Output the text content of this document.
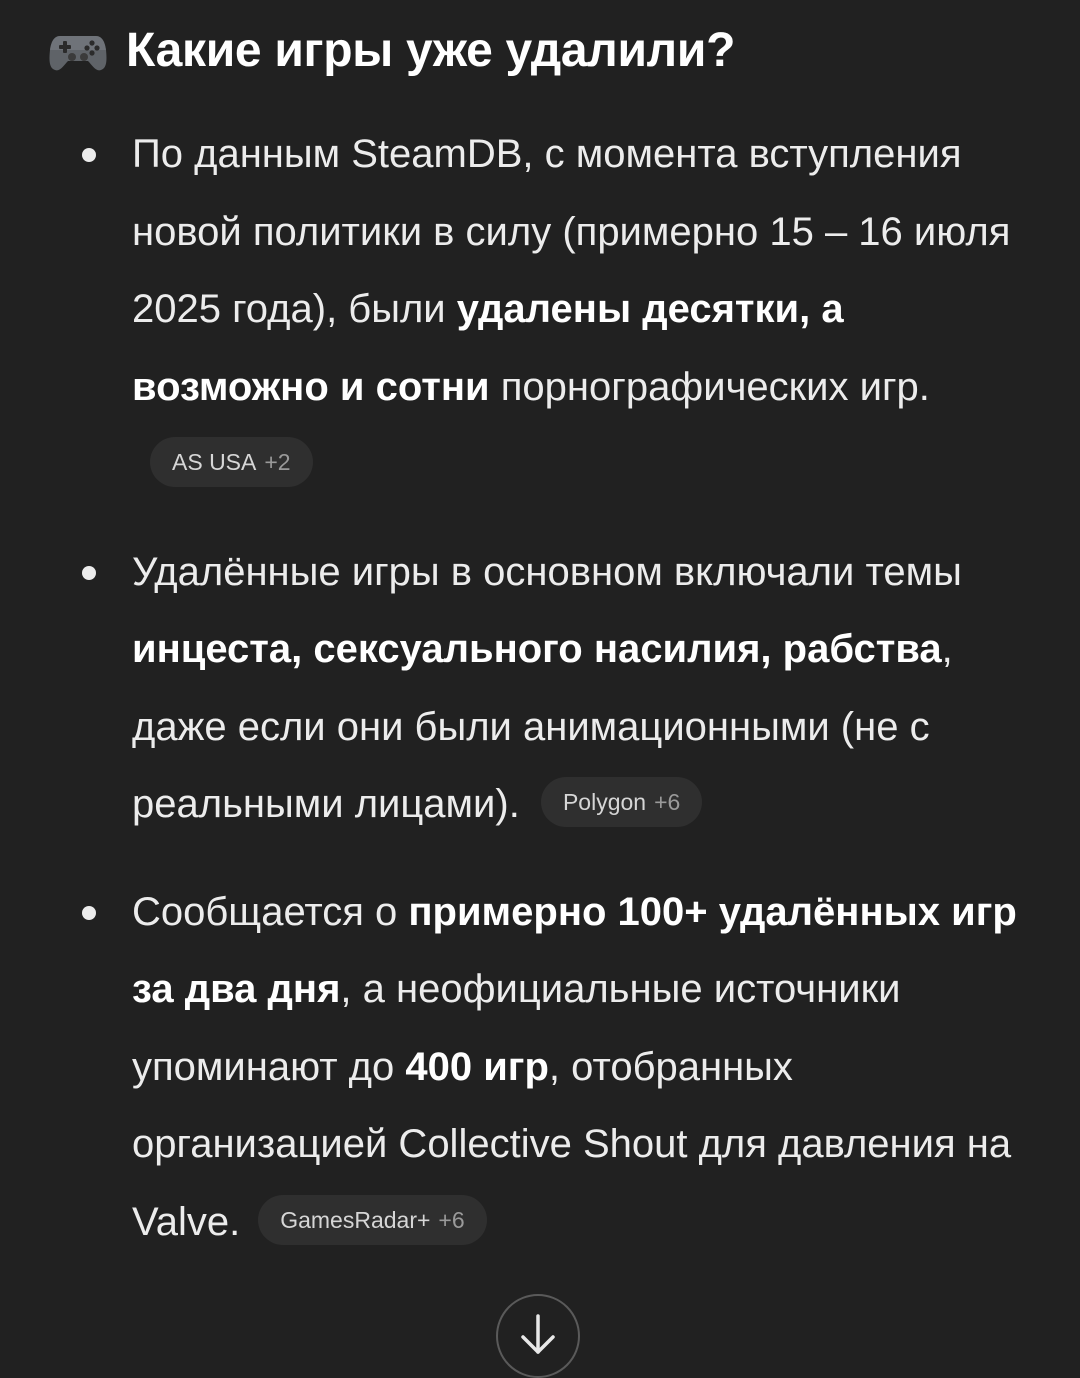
Какие игры уже удалили?
По данным SteamDB, с момента вступления новой политики в силу (примерно 15 – 16 июля 2025 года), были удалены десятки, а возможно и сотни порнографических игр.AS USA +2
Удалённые игры в основном включали темы инцеста, сексуального насилия, рабства, даже если они были анимационными (не с реальными лицами). Polygon +6
Сообщается о примерно 100+ удалённых игр за два дня, а неофициальные источники упоминают до 400 игр, отобранных организацией Collective Shout для давления на Valve. GamesRadar+ +6
